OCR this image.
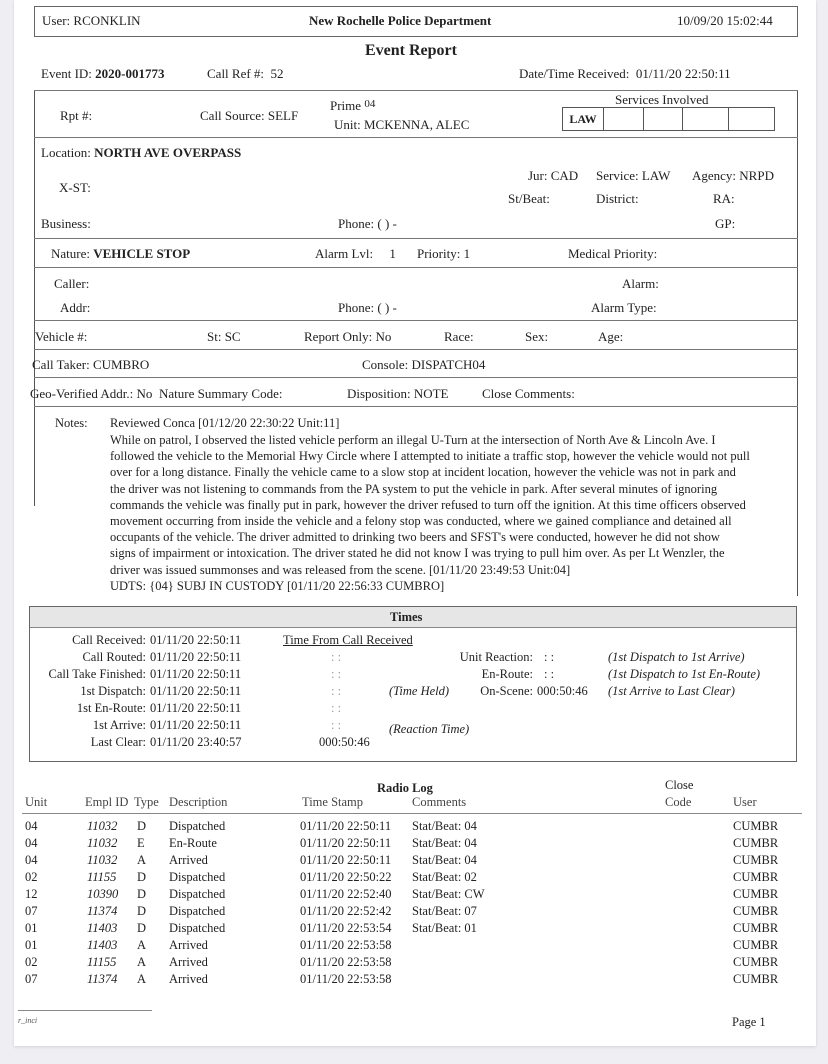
User: RCONKLIN	New Rochelle Police Department	10/09/20 15:02:44
Event Report
Event ID: 2020-001773	Call Ref #: 52	Date/Time Received: 01/11/20 22:50:11
Rpt #:	Call Source: SELF
Prime $^{04}$
Unit: MCKENNA, ALEC
Services Involved
LAW
Location: NORTH AVE OVERPASS
X-ST:
Jur: CAD Service: LAW Agency: NRPD
St/Beat:	District:	RA:
Business:	Phone: ( ) -	GP:
Nature: VEHICLE STOP	Alarm Lvl: 1 Priority: 1	Medical Priority:
Caller:	Alarm:
Addr:	Phone: ( ) -	Alarm Type:
Vehicle #:	St: SC	Report Only: No	Race:	Sex:	Age:
Call Taker: CUMBRO	Console: DISPATCH04
Geo-Verified Addr.: No Nature Summary Code:	Disposition: NOTE	Close Comments:
Notes: Reviewed Conca [01/12/20 22:30:22 Unit:11]
While on patrol, I observed the listed vehicle perform an illegal U-Turn at the intersection of North Ave & Lincoln Ave. I
followed the vehicle to the Memorial Hwy Circle where I attempted to initiate a traffic stop, however the vehicle would not pull
over for a long distance. Finally the vehicle came to a slow stop at incident location, however the vehicle was not in park and
the driver was not listening to commands from the PA system to put the vehicle in park. After several minutes of ignoring
commands the vehicle was finally put in park, however the driver refused to turn off the ignition. At this time officers observed
movement occurring from inside the vehicle and a felony stop was conducted, where we gained compliance and detained all
occupants of the vehicle. The driver admitted to drinking two beers and SFST's were conducted, however he did not show
signs of impairment or intoxication. The driver stated he did not know I was trying to pull him over. As per Lt Wenzler, the
driver was issued summonses and was released from the scene. [01/11/20 23:49:53 Unit:04]
UDTS: {04} SUBJ IN CUSTODY [01/11/20 22:56:33 CUMBRO]
Times
Time From Call Received
Call Received: 01/11/20 22:50:11
Call Routed: 01/11/20 22:50:11	: :
Call Take Finished: 01/11/20 22:50:11	: :
1st Dispatch: 01/11/20 22:50:11	: :
1st En-Route: 01/11/20 22:50:11	: :
1st Arrive: 01/11/20 22:50:11	: :
Last Clear: 01/11/20 23:40:57	000:50:46
(Time Held)
(Reaction Time)
Unit Reaction: : :	(1st Dispatch to 1st Arrive)
En-Route: : :	(1st Dispatch to 1st En-Route)
On-Scene: 000:50:46 (1st Arrive to Last Clear)
Radio Log	Close
Unit	Empl ID Type Description	Time Stamp	Comments	Code	User
04	11032 D Dispatched	01/11/20 22:50:11 Stat/Beat: 04	CUMBR
04	11032 E En-Route	01/11/20 22:50:11 Stat/Beat: 04	CUMBR
04	11032 A Arrived	01/11/20 22:50:11 Stat/Beat: 04	CUMBR
02	11155 D Dispatched	01/11/20 22:50:22 Stat/Beat: 02	CUMBR
12	10390 D Dispatched	01/11/20 22:52:40 Stat/Beat: CW	CUMBR
07	11374 D Dispatched	01/11/20 22:52:42 Stat/Beat: 07	CUMBR
01	11403 D Dispatched	01/11/20 22:53:54 Stat/Beat: 01	CUMBR
01	11403 A Arrived	01/11/20 22:53:58	CUMBR
02	11155 A Arrived	01/11/20 22:53:58	CUMBR
07	11374 A Arrived	01/11/20 22:53:58	CUMBR
r_inci	Page 1
